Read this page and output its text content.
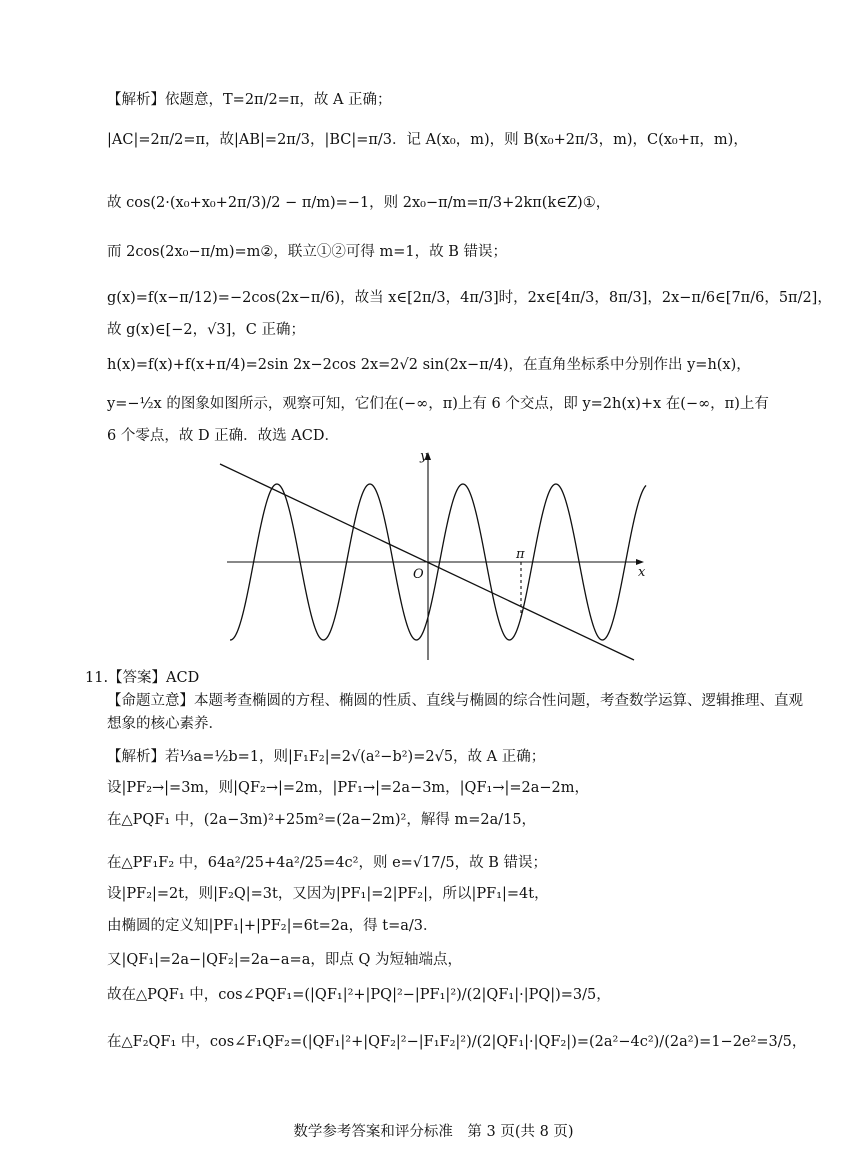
【解析】依题意，T=2π/2=π，故 A 正确；
|AC|=2π/2=π，故|AB|=2π/3，|BC|=π/3．记 A(x₀，m)，则 B(x₀+2π/3，m)，C(x₀+π，m)，
故 cos(2·(x₀+x₀+2π/3)/2 − π/m)=−1，则 2x₀−π/m=π/3+2kπ(k∈Z)①，
而 2cos(2x₀−π/m)=m②，联立①②可得 m=1，故 B 错误；
g(x)=f(x−π/12)=−2cos(2x−π/6)，故当 x∈[2π/3，4π/3]时，2x∈[4π/3，8π/3]，2x−π/6∈[7π/6，5π/2]，
故 g(x)∈[−2，√3]，C 正确；
h(x)=f(x)+f(x+π/4)=2sin 2x−2cos 2x=2√2 sin(2x−π/4)，在直角坐标系中分别作出 y=h(x)，
y=−½x 的图象如图所示，观察可知，它们在(−∞，π)上有 6 个交点，即 y=2h(x)+x 在(−∞，π)上有
6 个零点，故 D 正确．故选 ACD．
y
x
O
π
11.【答案】ACD
【命题立意】本题考查椭圆的方程、椭圆的性质、直线与椭圆的综合性问题，考查数学运算、逻辑推理、直观
想象的核心素养．
【解析】若⅓a=½b=1，则|F₁F₂|=2√(a²−b²)=2√5，故 A 正确；
设|PF₂→|=3m，则|QF₂→|=2m，|PF₁→|=2a−3m，|QF₁→|=2a−2m，
在△PQF₁ 中，(2a−3m)²+25m²=(2a−2m)²，解得 m=2a/15，
在△PF₁F₂ 中，64a²/25+4a²/25=4c²，则 e=√17/5，故 B 错误；
设|PF₂|=2t，则|F₂Q|=3t，又因为|PF₁|=2|PF₂|，所以|PF₁|=4t，
由椭圆的定义知|PF₁|+|PF₂|=6t=2a，得 t=a/3．
又|QF₁|=2a−|QF₂|=2a−a=a，即点 Q 为短轴端点，
故在△PQF₁ 中，cos∠PQF₁=(|QF₁|²+|PQ|²−|PF₁|²)/(2|QF₁|·|PQ|)=3/5，
在△F₂QF₁ 中，cos∠F₁QF₂=(|QF₁|²+|QF₂|²−|F₁F₂|²)/(2|QF₁|·|QF₂|)=(2a²−4c²)/(2a²)=1−2e²=3/5，
数学参考答案和评分标准　第 3 页(共 8 页)
